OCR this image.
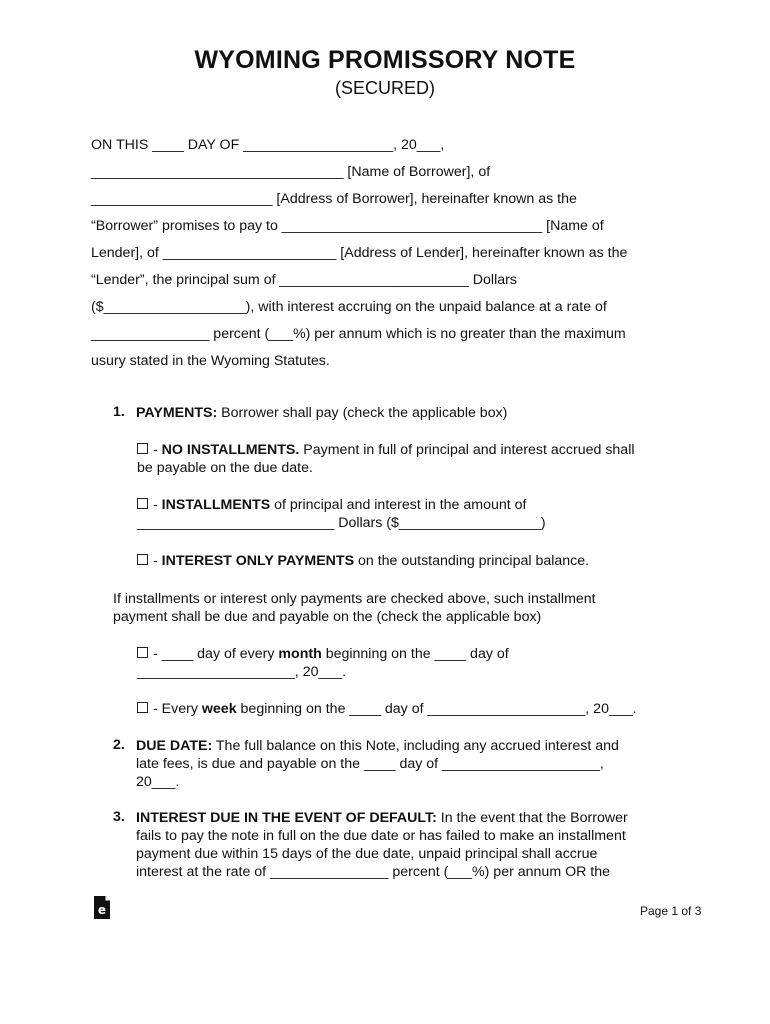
WYOMING PROMISSORY NOTE

(SECURED)

ON THIS ____ DAY OF ___________________, 20___,

________________________________ [Name of Borrower], of

_______________________ [Address of Borrower], hereinafter known as the

“Borrower” promises to pay to _________________________________ [Name of

Lender], of ______________________ [Address of Lender], hereinafter known as the

“Lender”, the principal sum of ________________________ Dollars

($__________________), with interest accruing on the unpaid balance at a rate of

_______________ percent (___%) per annum which is no greater than the maximum

usury stated in the Wyoming Statutes.

1. PAYMENTS: Borrower shall pay (check the applicable box)
- NO INSTALLMENTS. Payment in full of principal and interest accrued shall
be payable on the due date.
- INSTALLMENTS of principal and interest in the amount of
_________________________ Dollars ($__________________)
- INTEREST ONLY PAYMENTS on the outstanding principal balance.
If installments or interest only payments are checked above, such installment
payment shall be due and payable on the (check the applicable box)
- ____ day of every month beginning on the ____ day of
____________________, 20___.
- Every week beginning on the ____ day of ____________________, 20___.
2. DUE DATE: The full balance on this Note, including any accrued interest and
late fees, is due and payable on the ____ day of ____________________,
20___.
3. INTEREST DUE IN THE EVENT OF DEFAULT: In the event that the Borrower
fails to pay the note in full on the due date or has failed to make an installment
payment due within 15 days of the due date, unpaid principal shall accrue
interest at the rate of _______________ percent (___%) per annum OR the
e	Page 1 of 3
